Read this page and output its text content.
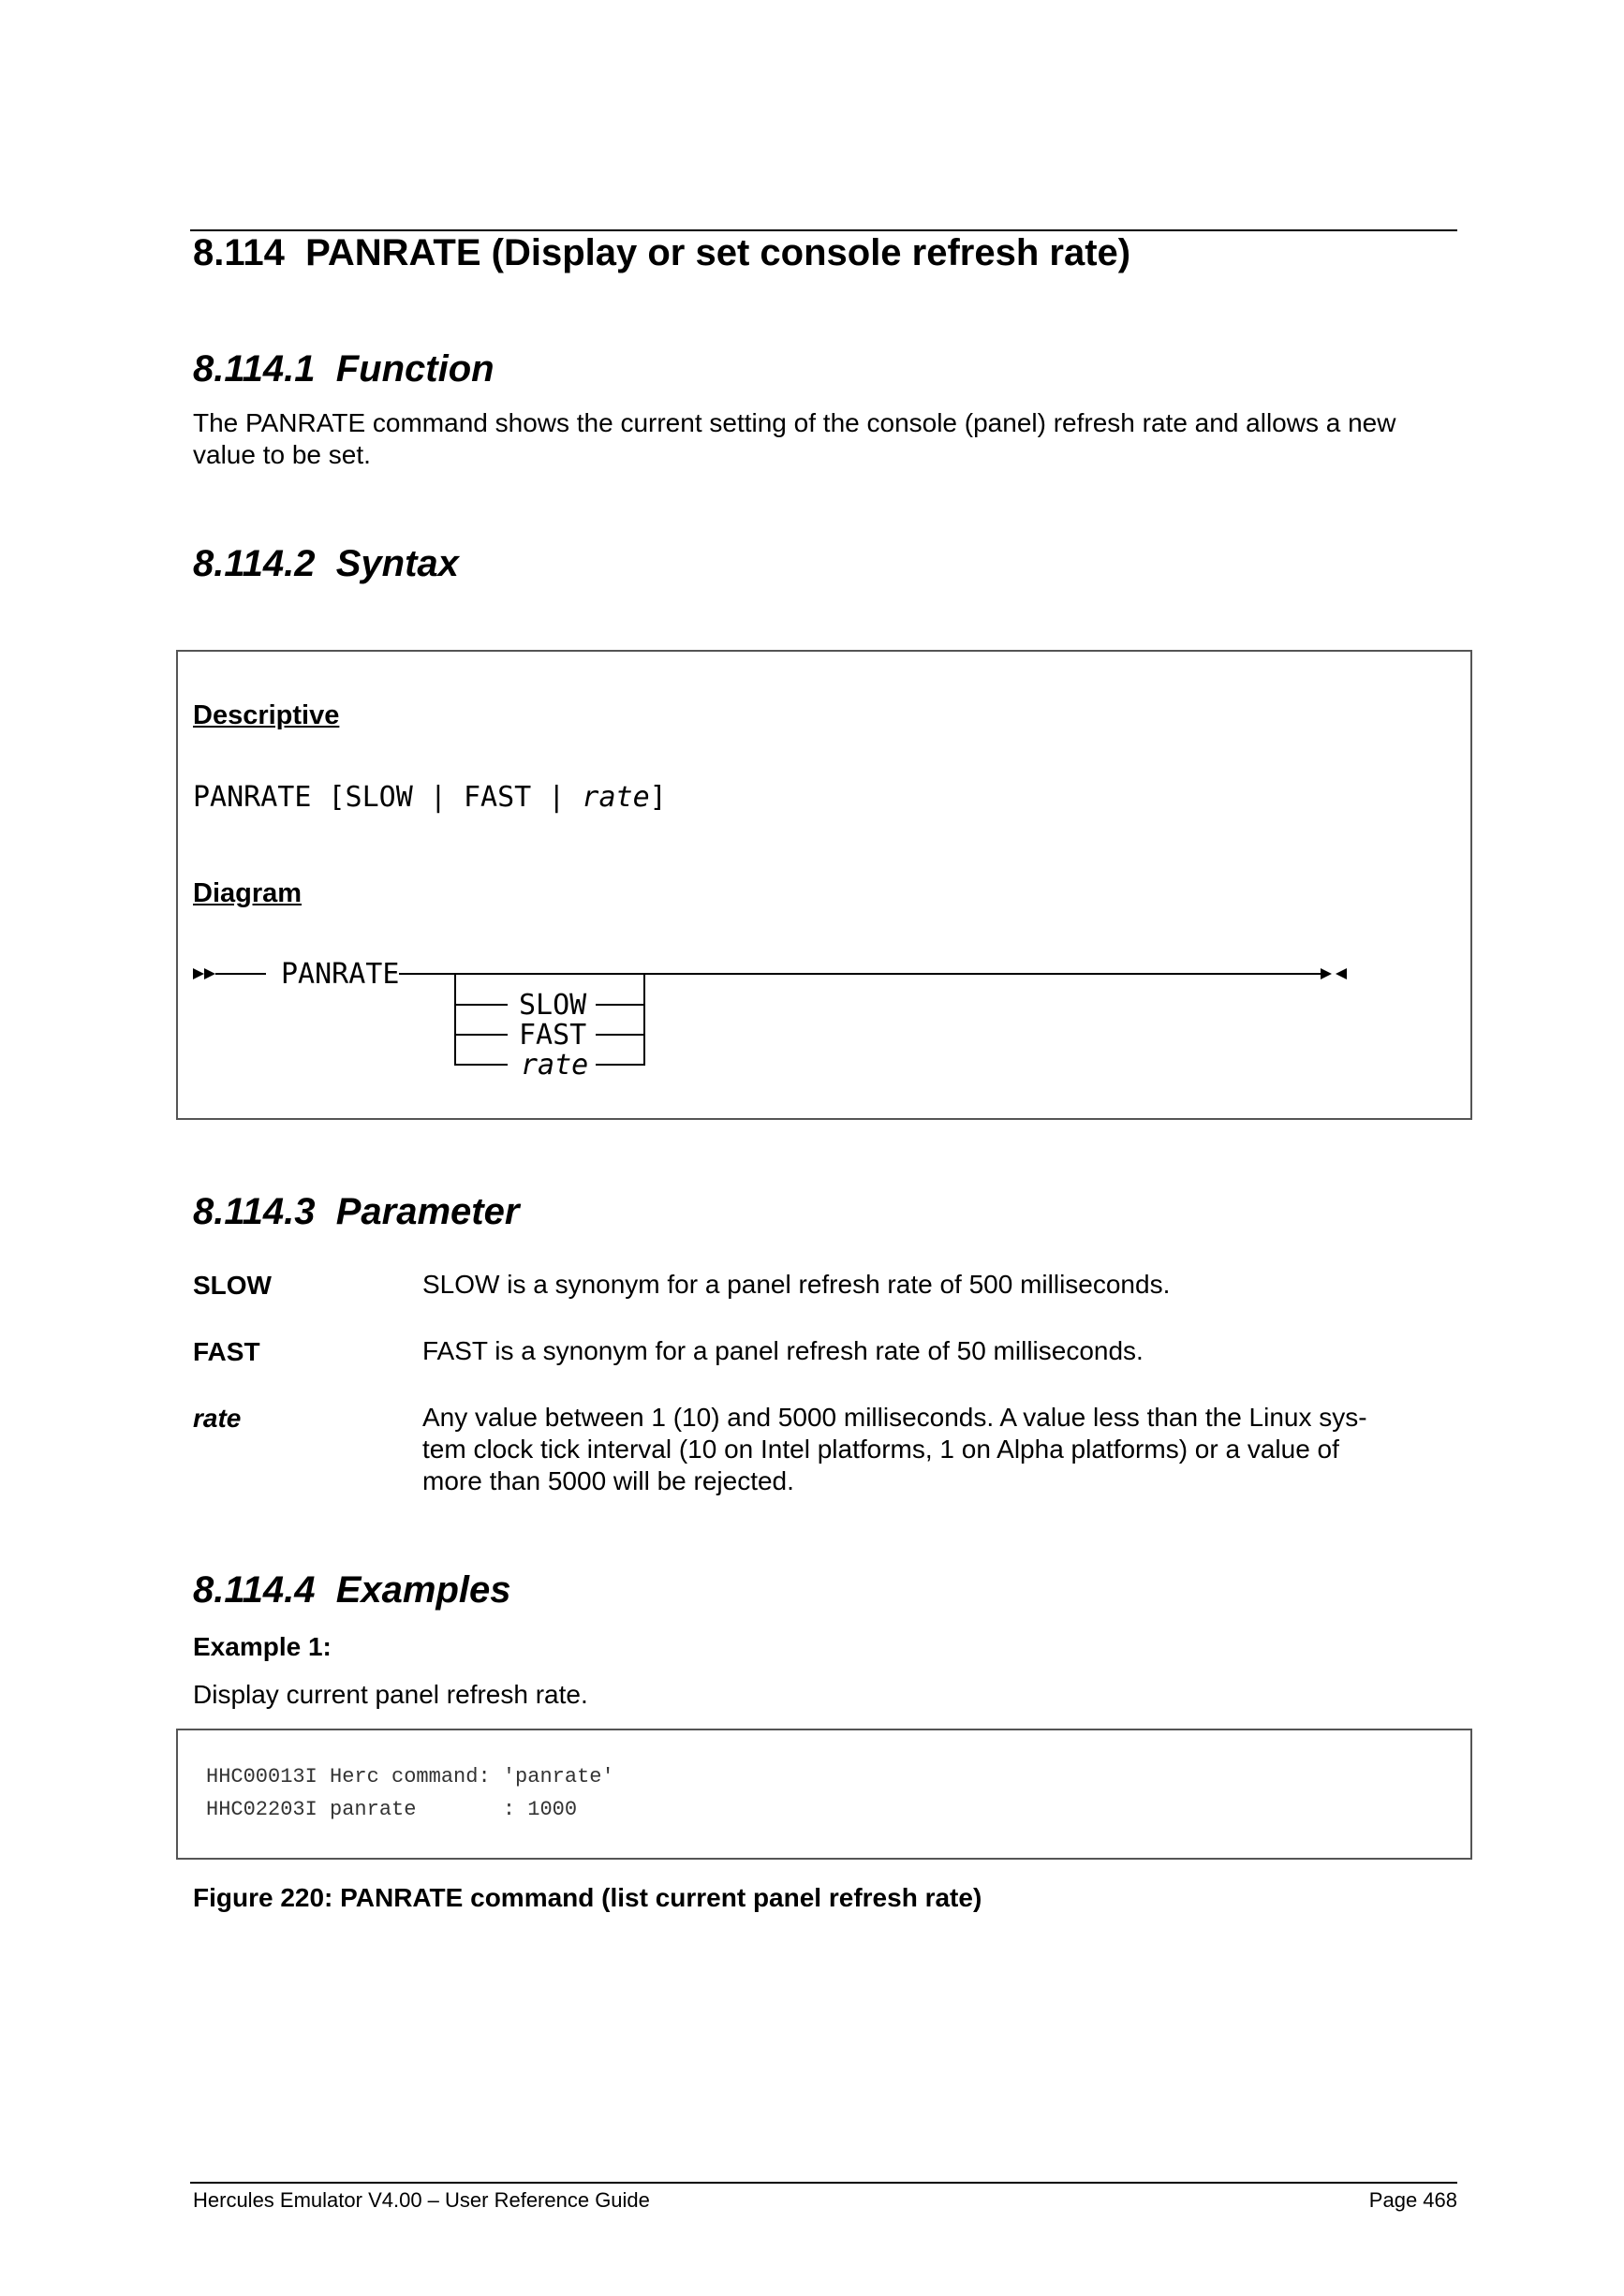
8.114 PANRATE (Display or set console refresh rate)
8.114.1 Function
The PANRATE command shows the current setting of the console (panel) refresh rate and allows a new
value to be set.
8.114.2 Syntax
Descriptive
PANRATE [SLOW | FAST | rate]
Diagram
PANRATE
SLOW
FAST
rate
8.114.3 Parameter
SLOW	SLOW is a synonym for a panel refresh rate of 500 milliseconds.
FAST	FAST is a synonym for a panel refresh rate of 50 milliseconds.
rate	Any value between 1 (10) and 5000 milliseconds. A value less than the Linux sys-
tem clock tick interval (10 on Intel platforms, 1 on Alpha platforms) or a value of
more than 5000 will be rejected.
8.114.4 Examples
Example 1:
Display current panel refresh rate.
HHC00013I Herc command: 'panrate'
HHC02203I panrate       : 1000
Figure 220: PANRATE command (list current panel refresh rate)
Hercules Emulator V4.00 – User Reference Guide	Page 468
